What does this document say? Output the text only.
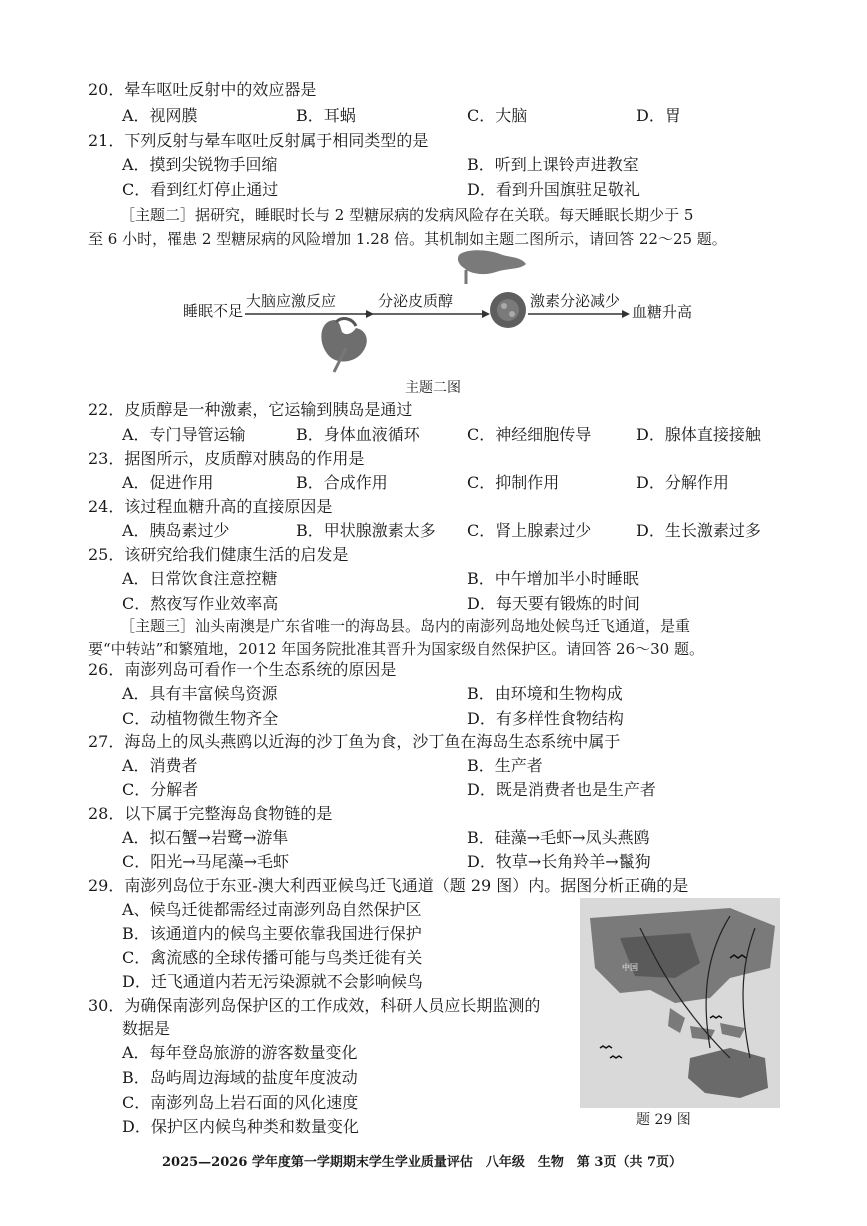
20．晕车呕吐反射中的效应器是
A．视网膜	B．耳蜗	C．大脑	D．胃
21．下列反射与晕车呕吐反射属于相同类型的是
A．摸到尖锐物手回缩	B．听到上课铃声进教室
C．看到红灯停止通过	D．看到升国旗驻足敬礼
［主题二］据研究，睡眠时长与 2 型糖尿病的发病风险存在关联。每天睡眠长期少于 5
至 6 小时，罹患 2 型糖尿病的风险增加 1.28 倍。其机制如主题二图所示，请回答 22～25 题。
睡眠不足
大脑应激反应	分泌皮质醇	激素分泌减少
血糖升高
主题二图
22．皮质醇是一种激素，它运输到胰岛是通过
A．专门导管运输	B．身体血液循环	C．神经细胞传导	D．腺体直接接触
23．据图所示，皮质醇对胰岛的作用是
A．促进作用	B．合成作用	C．抑制作用	D．分解作用
24．该过程血糖升高的直接原因是
A．胰岛素过少	B．甲状腺激素太多 C．肾上腺素过少	D．生长激素过多
25．该研究给我们健康生活的启发是
A．日常饮食注意控糖	B．中午增加半小时睡眠
C．熬夜写作业效率高	D．每天要有锻炼的时间
［主题三］汕头南澳是广东省唯一的海岛县。岛内的南澎列岛地处候鸟迁飞通道，是重
要“中转站”和繁殖地，2012 年国务院批准其晋升为国家级自然保护区。请回答 26～30 题。
26．南澎列岛可看作一个生态系统的原因是
A．具有丰富候鸟资源	B．由环境和生物构成
C．动植物微生物齐全	D．有多样性食物结构
27．海岛上的凤头燕鸥以近海的沙丁鱼为食，沙丁鱼在海岛生态系统中属于
A．消费者	B．生产者
C．分解者	D．既是消费者也是生产者
28．以下属于完整海岛食物链的是
A．拟石蟹→岩鹭→游隼	B．硅藻→毛虾→凤头燕鸥
C．阳光→马尾藻→毛虾	D．牧草→长角羚羊→鬣狗
29．南澎列岛位于东亚-澳大利西亚候鸟迁飞通道（题 29 图）内。据图分析正确的是
A、候鸟迁徙都需经过南澎列岛自然保护区
B．该通道内的候鸟主要依靠我国进行保护
C．禽流感的全球传播可能与鸟类迁徙有关
D．迁飞通道内若无污染源就不会影响候鸟
30．为确保南澎列岛保护区的工作成效，科研人员应长期监测的
数据是
A．每年登岛旅游的游客数量变化
B．岛屿周边海域的盐度年度波动
C．南澎列岛上岩石面的风化速度
D．保护区内候鸟种类和数量变化
中国
题 29 图
2025—2026 学年度第一学期期末学生学业质量评估　八年级　生物　第 3页（共 7页）
